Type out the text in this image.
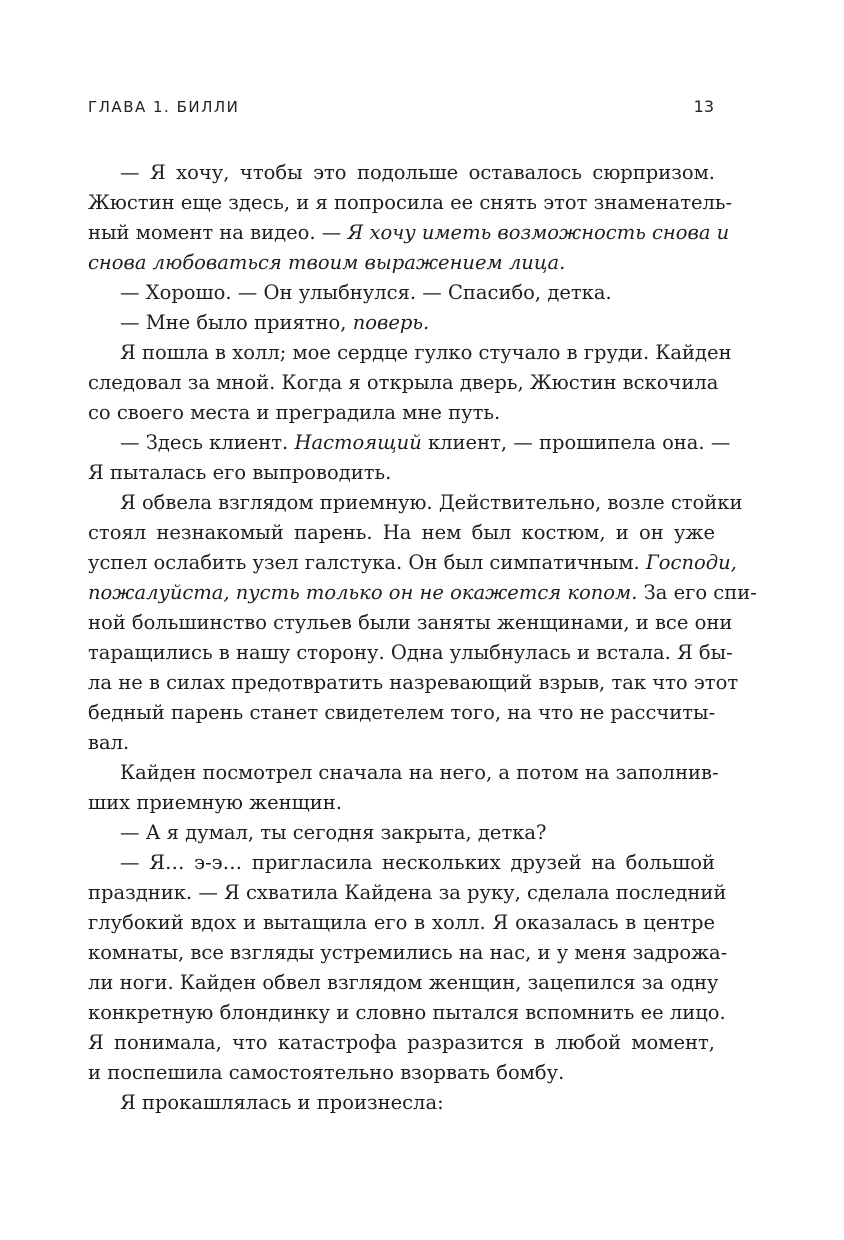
ГЛАВА 1. БИЛЛИ	13
— Я хочу, чтобы это подольше оставалось сюрпризом.
Жюстин еще здесь, и я попросила ее снять этот знаменатель-
ный момент на видео. — Я хочу иметь возможность снова и
снова любоваться твоим выражением лица.
— Хорошо. — Он улыбнулся. — Спасибо, детка.
— Мне было приятно, поверь.
Я пошла в холл; мое сердце гулко стучало в груди. Кайден
следовал за мной. Когда я открыла дверь, Жюстин вскочила
со своего места и преградила мне путь.
— Здесь клиент. Настоящий клиент, — прошипела она. —
Я пыталась его выпроводить.
Я обвела взглядом приемную. Действительно, возле стойки
стоял незнакомый парень. На нем был костюм, и он уже
успел ослабить узел галстука. Он был симпатичным. Господи,
пожалуйста, пусть только он не окажется копом. За его спи-
ной большинство стульев были заняты женщинами, и все они
таращились в нашу сторону. Одна улыбнулась и встала. Я бы-
ла не в силах предотвратить назревающий взрыв, так что этот
бедный парень станет свидетелем того, на что не рассчиты-
вал.
Кайден посмотрел сначала на него, а потом на заполнив-
ших приемную женщин.
— А я думал, ты сегодня закрыта, детка?
— Я… э-э… пригласила нескольких друзей на большой
праздник. — Я схватила Кайдена за руку, сделала последний
глубокий вдох и вытащила его в холл. Я оказалась в центре
комнаты, все взгляды устремились на нас, и у меня задрожа-
ли ноги. Кайден обвел взглядом женщин, зацепился за одну
конкретную блондинку и словно пытался вспомнить ее лицо.
Я понимала, что катастрофа разразится в любой момент,
и поспешила самостоятельно взорвать бомбу.
Я прокашлялась и произнесла:
